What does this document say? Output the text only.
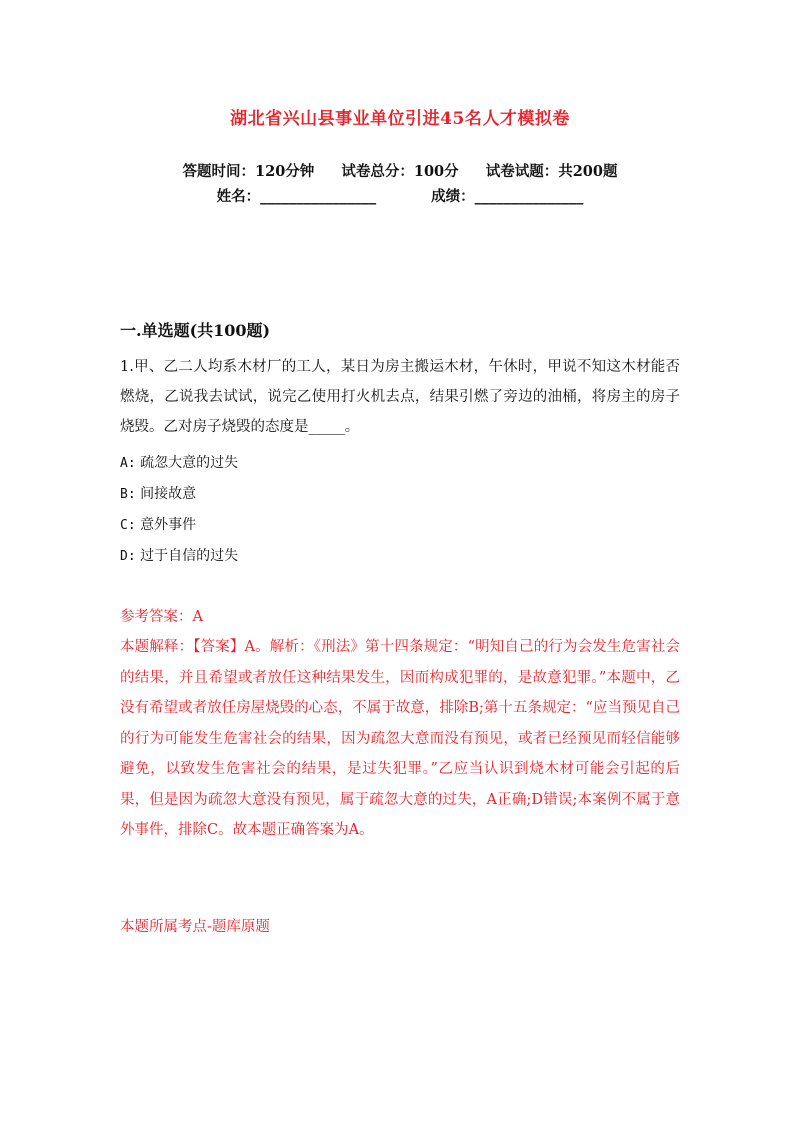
湖北省兴山县事业单位引进45名人才模拟卷
答题时间：120分钟 试卷总分：100分 试卷试题：共200题
姓名：________________	成绩：_______________
一.单选题(共100题)
1.甲、乙二人均系木材厂的工人，某日为房主搬运木材，午休时，甲说不知这木材能否燃烧，乙说我去试试，说完乙使用打火机去点，结果引燃了旁边的油桶，将房主的房子烧毁。乙对房子烧毁的态度是_____。
A: 疏忽大意的过失
B: 间接故意
C: 意外事件
D: 过于自信的过失
参考答案：A
本题解释：【答案】A。解析：《刑法》第十四条规定：“明知自己的行为会发生危害社会的结果，并且希望或者放任这种结果发生，因而构成犯罪的，是故意犯罪。”本题中，乙没有希望或者放任房屋烧毁的心态，不属于故意，排除B;第十五条规定：“应当预见自己的行为可能发生危害社会的结果，因为疏忽大意而没有预见，或者已经预见而轻信能够避免，以致发生危害社会的结果，是过失犯罪。”乙应当认识到烧木材可能会引起的后果，但是因为疏忽大意没有预见，属于疏忽大意的过失，A正确;D错误;本案例不属于意外事件，排除C。故本题正确答案为A。
本题所属考点-题库原题
